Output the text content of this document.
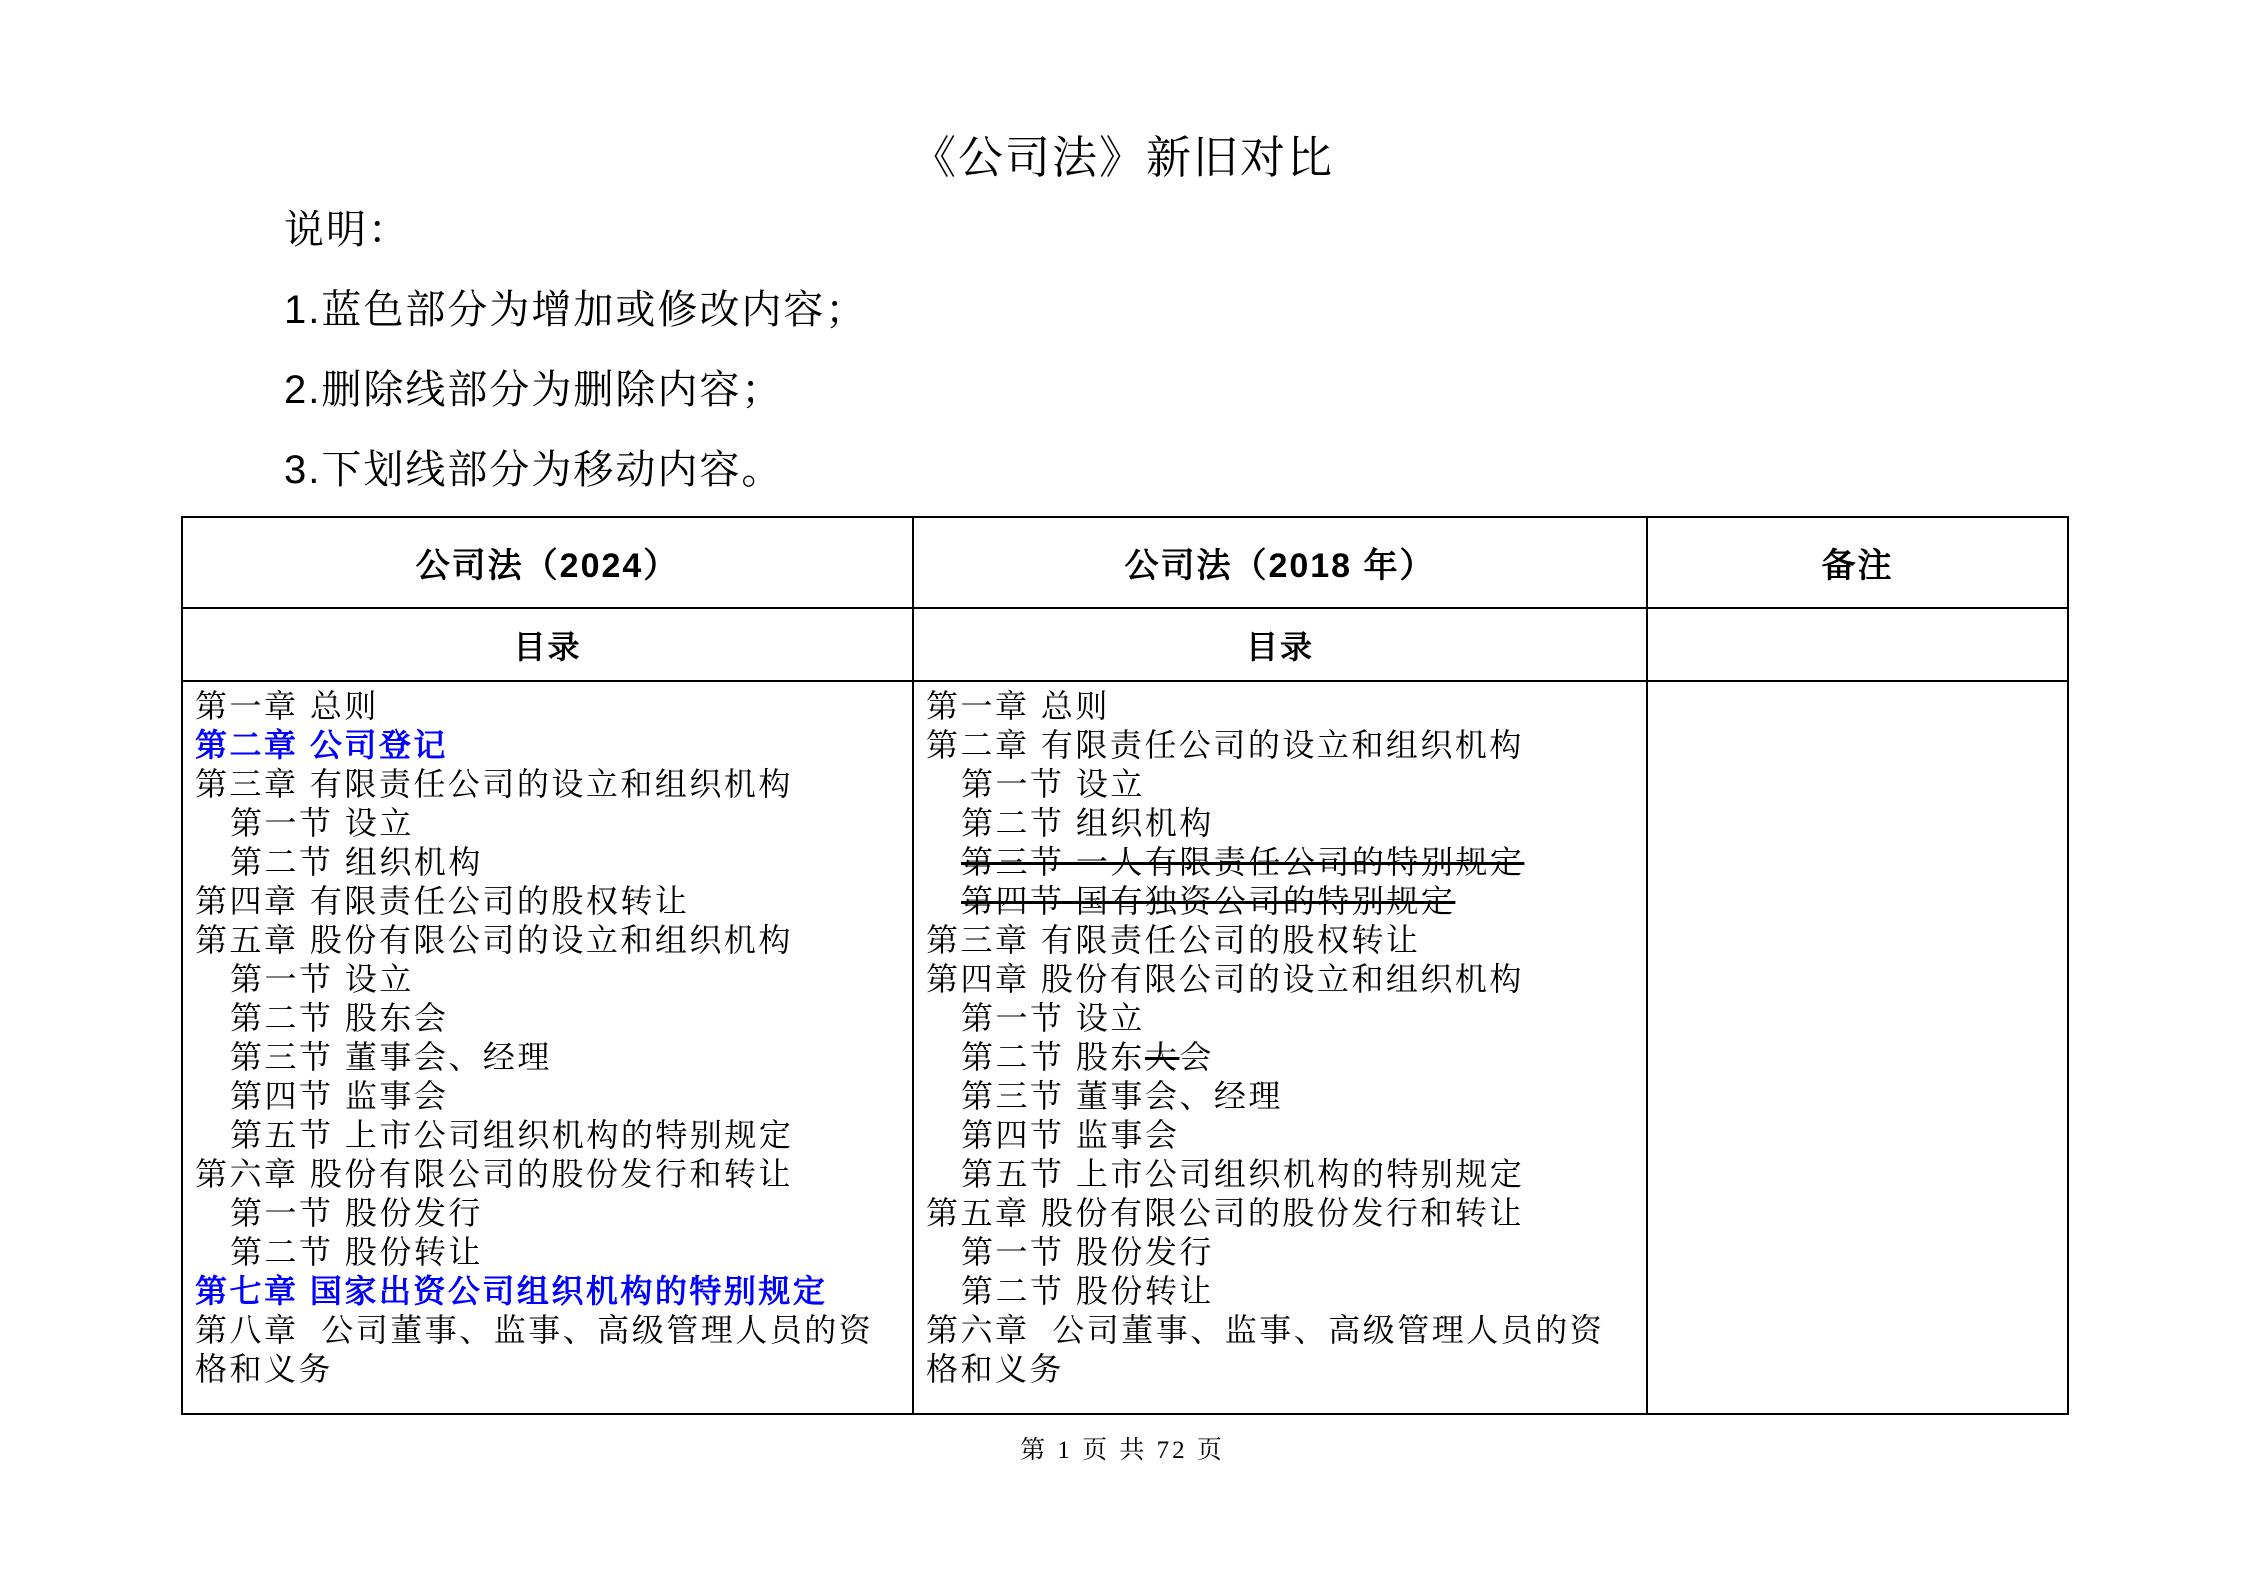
《公司法》新旧对比
说明：
1.蓝色部分为增加或修改内容；
2.删除线部分为删除内容；
3.下划线部分为移动内容。
公司法（2024）	公司法（2018 年）	备注
目录	目录	

第一章 总则
第二章 公司登记
第三章 有限责任公司的设立和组织机构
第一节 设立
第二节 组织机构
第四章 有限责任公司的股权转让
第五章 股份有限公司的设立和组织机构
第一节 设立
第二节 股东会
第三节 董事会、经理
第四节 监事会
第五节 上市公司组织机构的特别规定
第六章 股份有限公司的股份发行和转让
第一节 股份发行
第二节 股份转让
第七章 国家出资公司组织机构的特别规定
第八章  公司董事、监事、高级管理人员的资格和义务

第一章 总则
第二章 有限责任公司的设立和组织机构
第一节 设立
第二节 组织机构
第三节 一人有限责任公司的特别规定
第四节 国有独资公司的特别规定
第三章 有限责任公司的股权转让
第四章 股份有限公司的设立和组织机构
第一节 设立
第二节 股东大会
第三节 董事会、经理
第四节 监事会
第五节 上市公司组织机构的特别规定
第五章 股份有限公司的股份发行和转让
第一节 股份发行
第二节 股份转让
第六章  公司董事、监事、高级管理人员的资格和义务

第 1 页 共 72 页
